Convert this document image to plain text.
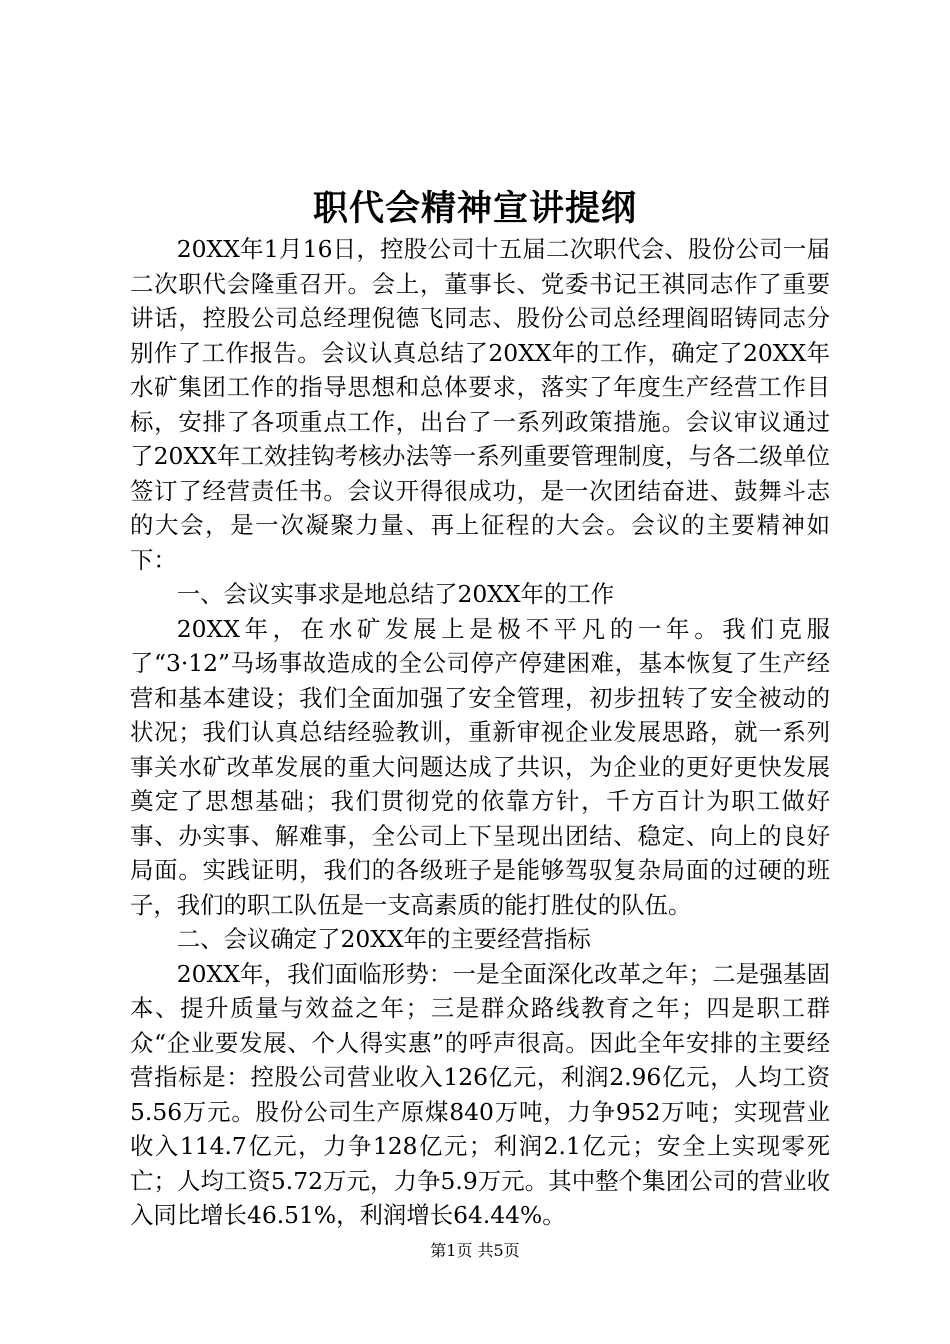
职代会精神宣讲提纲

20XX年1月16日，控股公司十五届二次职代会、股份公司一届二次职代会隆重召开。会上，董事长、党委书记王祺同志作了重要讲话，控股公司总经理倪德飞同志、股份公司总经理阎昭铸同志分别作了工作报告。会议认真总结了20XX年的工作，确定了20XX年水矿集团工作的指导思想和总体要求，落实了年度生产经营工作目标，安排了各项重点工作，出台了一系列政策措施。会议审议通过了20XX年工效挂钩考核办法等一系列重要管理制度，与各二级单位签订了经营责任书。会议开得很成功，是一次团结奋进、鼓舞斗志的大会，是一次凝聚力量、再上征程的大会。会议的主要精神如下：

一、会议实事求是地总结了20XX年的工作

20XX年，在水矿发展上是极不平凡的一年。我们克服了“3·12”马场事故造成的全公司停产停建困难，基本恢复了生产经营和基本建设；我们全面加强了安全管理，初步扭转了安全被动的状况；我们认真总结经验教训，重新审视企业发展思路，就一系列事关水矿改革发展的重大问题达成了共识，为企业的更好更快发展奠定了思想基础；我们贯彻党的依靠方针，千方百计为职工做好事、办实事、解难事，全公司上下呈现出团结、稳定、向上的良好局面。实践证明，我们的各级班子是能够驾驭复杂局面的过硬的班子，我们的职工队伍是一支高素质的能打胜仗的队伍。

二、会议确定了20XX年的主要经营指标

20XX年，我们面临形势：一是全面深化改革之年；二是强基固本、提升质量与效益之年；三是群众路线教育之年；四是职工群众“企业要发展、个人得实惠”的呼声很高。因此全年安排的主要经营指标是：控股公司营业收入126亿元，利润2.96亿元，人均工资5.56万元。股份公司生产原煤840万吨，力争952万吨；实现营业收入114.7亿元，力争128亿元；利润2.1亿元；安全上实现零死亡；人均工资5.72万元，力争5.9万元。其中整个集团公司的营业收入同比增长46.51%，利润增长64.44%。

第1页 共5页
